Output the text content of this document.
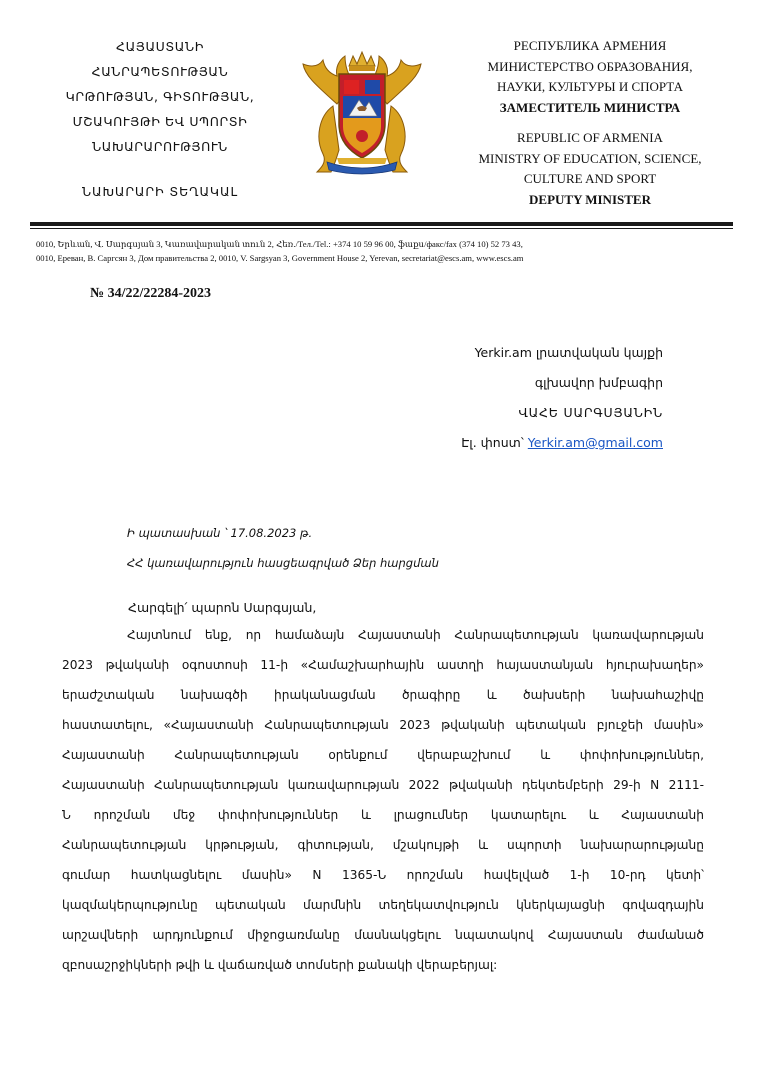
ՀԱՅԱՍՏԱՆԻ
ՀԱՆՐԱՊԵՏՈՒԹՅԱՆ
ԿՐԹՈՒԹՅԱՆ, ԳԻՏՈՒԹՅԱՆ,
ՄՇԱԿՈՒՅԹԻ ԵՎ ՍՊՈՐՏԻ
ՆԱԽԱՐԱՐՈՒԹՅՈՒՆ
ՆԱԽԱՐԱՐԻ ՏԵՂԱԿԱԼ
РЕСПУБЛИКА АРМЕНИЯ
МИНИСТЕРСТВО ОБРАЗОВАНИЯ,
НАУКИ, КУЛЬТУРЫ И СПОРТА
ЗАМЕСТИТЕЛЬ МИНИСТРА
REPUBLIC OF ARMENIA
MINISTRY OF EDUCATION, SCIENCE,
CULTURE AND SPORT
DEPUTY MINISTER
0010, Երևան, Վ. Սարգսյան 3, Կառավարական տուն 2, Հեռ./Тел./Tel.: +374 10 59 96 00, ֆաքս/факс/fax (374 10) 52 73 43,
0010, Ереван, В. Саргсян 3, Дом правительства 2, 0010, V. Sargsyan 3, Government House 2, Yerevan, secretariat@escs.am, www.escs.am
№ 34/22/22284-2023
Yerkir.am լրատվական կայքի
գլխավոր խմբագիր
ՎԱՀԵ ՍԱՐԳՍՅԱՆԻՆ
Էլ. փոստ՝ Yerkir.am@gmail.com
Ի պատասխան ՝ 17.08.2023 թ.
ՀՀ կառավարություն հասցեագրված Ձեր հարցման
Հարգելի՛ պարոն Սարգսյան,
Հայտնում ենք, որ համաձայն Հայաստանի Հանրապետության կառավարության
2023 թվականի օգոստոսի 11-ի «Համաշխարհային աստղի հայաստանյան հյուրախաղեր»
երաժշտական նախագծի իրականացման ծրագիրը և ծախսերի նախահաշիվը
հաստատելու, «Հայաստանի Հանրապետության 2023 թվականի պետական բյուջեի մասին»
Հայաստանի Հանրապետության օրենքում վերաբաշխում և փոփոխություններ,
Հայաստանի Հանրապետության կառավարության 2022 թվականի դեկտեմբերի 29-ի N 2111-
Ն որոշման մեջ փոփոխություններ և լրացումներ կատարելու և Հայաստանի
Հանրապետության կրթության, գիտության, մշակույթի և սպորտի նախարարությանը
գումար հատկացնելու մասին» N 1365-Ն որոշման հավելված 1-ի 10-րդ կետի՝
կազմակերպությունը պետական մարմնին տեղեկատվություն կներկայացնի գովազդային
արշավների արդյունքում միջոցառմանը մասնակցելու նպատակով Հայաստան ժամանած
զբոսաշրջիկների թվի և վաճառված տոմսերի քանակի վերաբերյալ:
